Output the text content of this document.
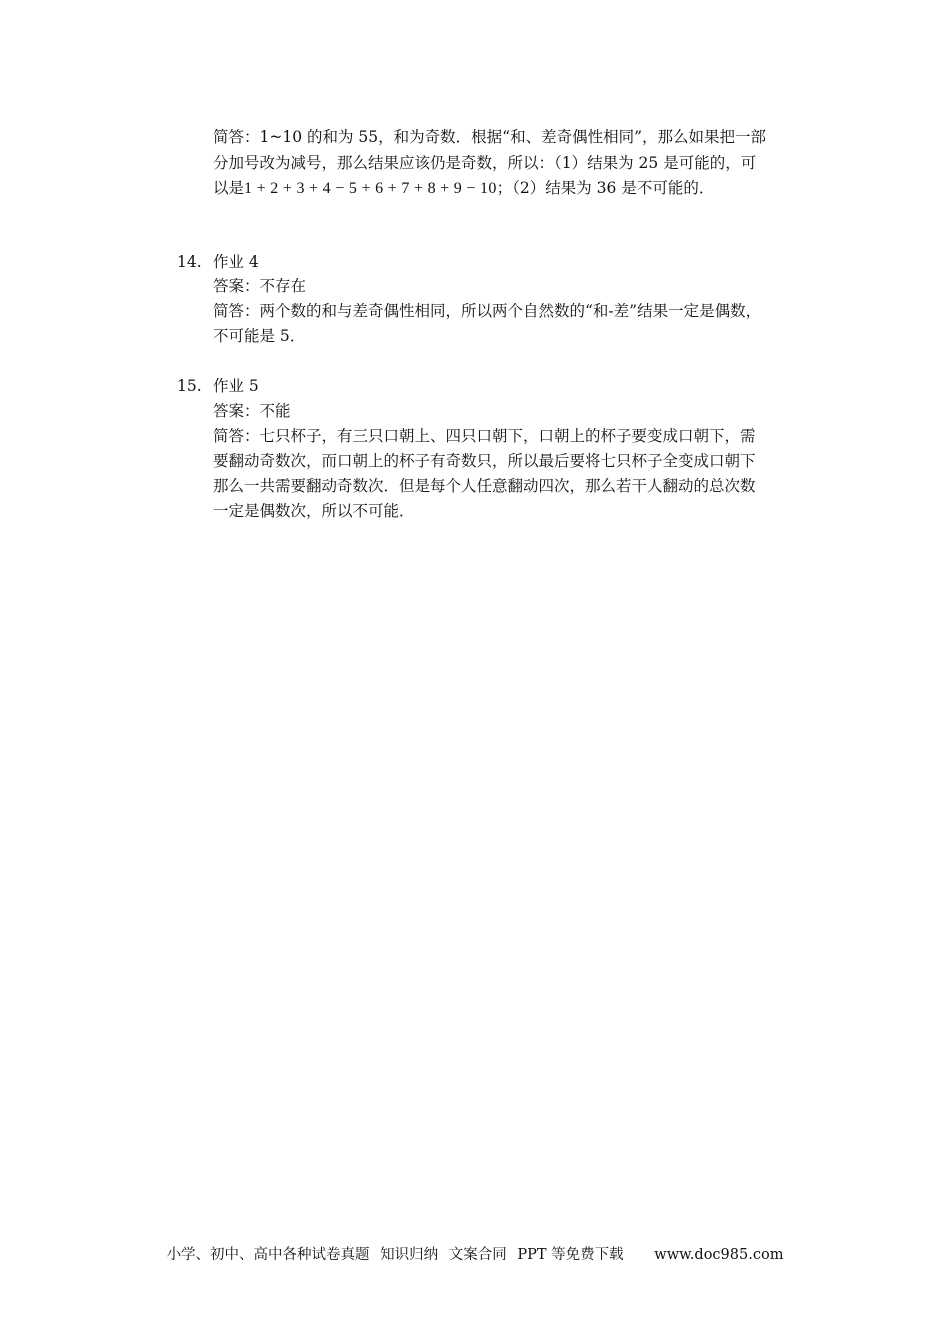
简答：1~10 的和为 55，和为奇数．根据“和、差奇偶性相同”，那么如果把一部
分加号改为减号，那么结果应该仍是奇数，所以：（1）结果为 25 是可能的，可
以是1 + 2 + 3 + 4 − 5 + 6 + 7 + 8 + 9 − 10；（2）结果为 36 是不可能的．
14. 作业 4
答案：不存在
简答：两个数的和与差奇偶性相同，所以两个自然数的“和-差”结果一定是偶数，
不可能是 5．
15. 作业 5
答案：不能
简答：七只杯子，有三只口朝上、四只口朝下，口朝上的杯子要变成口朝下，需
要翻动奇数次，而口朝上的杯子有奇数只，所以最后要将七只杯子全变成口朝下
那么一共需要翻动奇数次．但是每个人任意翻动四次，那么若干人翻动的总次数
一定是偶数次，所以不可能．
小学、初中、高中各种试卷真题 知识归纳 文案合同 PPT 等免费下载 www.doc985.com
